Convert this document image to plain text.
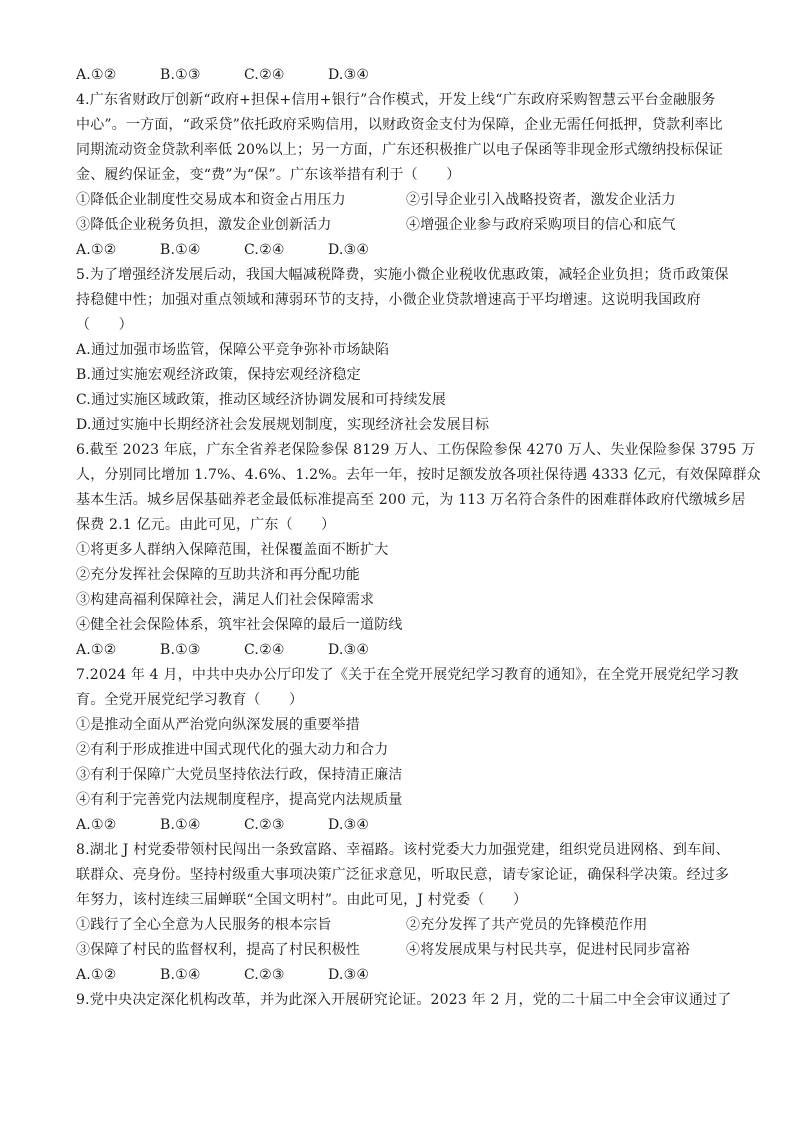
A.①②	B.①③	C.②④	D.③④
4.广东省财政厅创新“政府+担保+信用+银行”合作模式，开发上线“广东政府采购智慧云平台金融服务
中心”。一方面，“政采贷”依托政府采购信用，以财政资金支付为保障，企业无需任何抵押，贷款利率比
同期流动资金贷款利率低 20%以上；另一方面，广东还积极推广以电子保函等非现金形式缴纳投标保证
金、履约保证金，变“费”为“保”。广东该举措有利于（　　）
①降低企业制度性交易成本和资金占用压力	②引导企业引入战略投资者，激发企业活力
③降低企业税务负担，激发企业创新活力	④增强企业参与政府采购项目的信心和底气
A.①②	B.①④	C.②④	D.③④
5.为了增强经济发展后动，我国大幅减税降费，实施小微企业税收优惠政策，减轻企业负担；货币政策保
持稳健中性；加强对重点领域和薄弱环节的支持，小微企业贷款增速高于平均增速。这说明我国政府
（　　）
A.通过加强市场监管，保障公平竞争弥补市场缺陷
B.通过实施宏观经济政策，保持宏观经济稳定
C.通过实施区域政策，推动区域经济协调发展和可持续发展
D.通过实施中长期经济社会发展规划制度，实现经济社会发展目标
6.截至 2023 年底，广东全省养老保险参保 8129 万人、工伤保险参保 4270 万人、失业保险参保 3795 万
人，分别同比增加 1.7%、4.6%、1.2%。去年一年，按时足额发放各项社保待遇 4333 亿元，有效保障群众
基本生活。城乡居保基础养老金最低标准提高至 200 元，为 113 万名符合条件的困难群体政府代缴城乡居
保费 2.1 亿元。由此可见，广东（　　）
①将更多人群纳入保障范围，社保覆盖面不断扩大
②充分发挥社会保障的互助共济和再分配功能
③构建高福利保障社会，满足人们社会保障需求
④健全社会保险体系，筑牢社会保障的最后一道防线
A.①②	B.①③	C.②④	D.③④
7.2024 年 4 月，中共中央办公厅印发了《关于在全党开展党纪学习教育的通知》，在全党开展党纪学习教
育。全党开展党纪学习教育（　　）
①是推动全面从严治党向纵深发展的重要举措
②有利于形成推进中国式现代化的强大动力和合力
③有利于保障广大党员坚持依法行政，保持清正廉洁
④有利于完善党内法规制度程序，提高党内法规质量
A.①②	B.①④	C.②③	D.③④
8.湖北 J 村党委带领村民闯出一条致富路、幸福路。该村党委大力加强党建，组织党员进网格、到车间、
联群众、亮身份。坚持村级重大事项决策广泛征求意见，听取民意，请专家论证，确保科学决策。经过多
年努力，该村连续三届蝉联“全国文明村”。由此可见，J 村党委（　　）
①践行了全心全意为人民服务的根本宗旨	②充分发挥了共产党员的先锋模范作用
③保障了村民的监督权利，提高了村民积极性	④将发展成果与村民共享，促进村民同步富裕
A.①②	B.①④	C.②③	D.③④
9.党中央决定深化机构改革，并为此深入开展研究论证。2023 年 2 月，党的二十届二中全会审议通过了
